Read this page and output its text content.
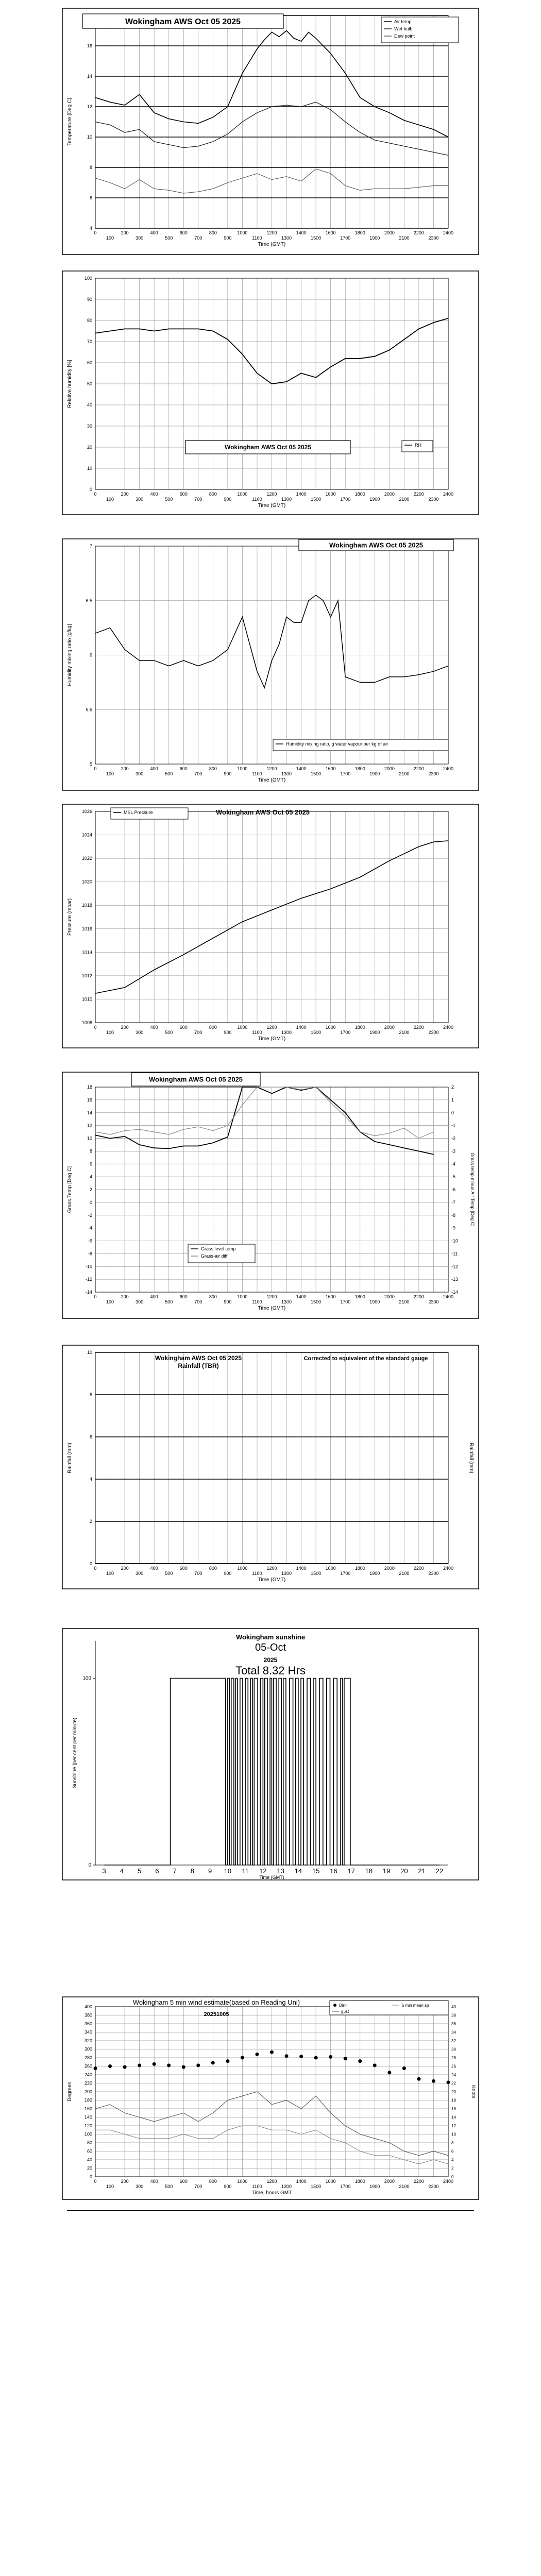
4
6
8
10
12
14
16
0
100
200
300
400
500
600
700
800
900
1000
1100
1200
1300
1400
1500
1600
1700
1800
1900
2000
2100
2200
2300
2400
Time (GMT)
Temperature [Deg C]
Wokingham AWS Oct 05 2025	Air temp
Wet bulb
Dew point
0
10
20
30
40
50
60
70
80
90
100
0
100
200
300
400
500
600
700
800
900
1000
1100
1200
1300
1400
1500
1600
1700
1800
1900
2000
2100
2200
2300
2400
Time (GMT)
Relative humidity [%]
Wokingham AWS Oct 05 2025	RH
5
5.5
6
6.5
7
0
100
200
300
400
500
600
700
800
900
1000
1100
1200
1300
1400
1500
1600
1700
1800
1900
2000
2100
2200
2300
2400
Time (GMT)
Humidity mixing ratio [g/kg]
Wokingham AWS Oct 05 2025
Humidity mixing ratio, g water vapour per kg of air
1008
1010
1012
1014
1016
1018
1020
1022
1024
1026
0
100
200
300
400
500
600
700
800
900
1000
1100
1200
1300
1400
1500
1600
1700
1800
1900
2000
2100
2200
2300
2400
Time (GMT)
Pressure (mbar)
Wokingham AWS Oct 05 2025
MSL Pressure
-14
-12
-10
-8
-6
-4
-2
0
2
4
6
8
10
12
14
16
18
0
100
200
300
400
500
600
700
800
900
1000
1100
1200
1300
1400
1500
1600
1700
1800
1900
2000
2100
2200
2300
2400
Time (GMT)
Grass Temp [Deg C]
-14
-13
-12
-11
-10
-9
-8
-7
-6
-5
-4
-3
-2
-1
0
1
2
Grass temp minus Air Temp [Deg C]
Wokingham AWS Oct 05 2025
Grass level temp
Grass-air diff
0
2
4
6
8
10
0
100
200
300
400
500
600
700
800
900
1000
1100
1200
1300
1400
1500
1600
1700
1800
1900
2000
2100
2200
2300
2400
Time (GMT)
Rainfall (mm)	Rainfall (mm)
Wokingham AWS Oct 05 2025
Rainfall (TBR)
Corrected to equivalent of the standard gauge
0
100
3 4 5 6 7 8 9 10 11 12 13 14 15 16 17 18 19 20 21 22
Time (GMT)
Sunshine (per cent per minute)
Wokingham sunshine
05-Oct
2025
Total 8.32 Hrs
0
20
40
60
80
100
120
140
160
180
200
220
240
260
280
300
320
340
360
380
400
0
100
200
300
400
500
600
700
800
900
1000
1100
1200
1300
1400
1500
1600
1700
1800
1900
2000
2100
2200
2300
2400
Time, hours GMT
Degrees
0
2
4
6
8
10
12
14
16
18
20
22
24
26
28
30
32
34
36
38
40
Knots
Wokingham 5 min wind estimate(based on Reading Uni)
20251005
Dirn
gust
5 min mean sp
